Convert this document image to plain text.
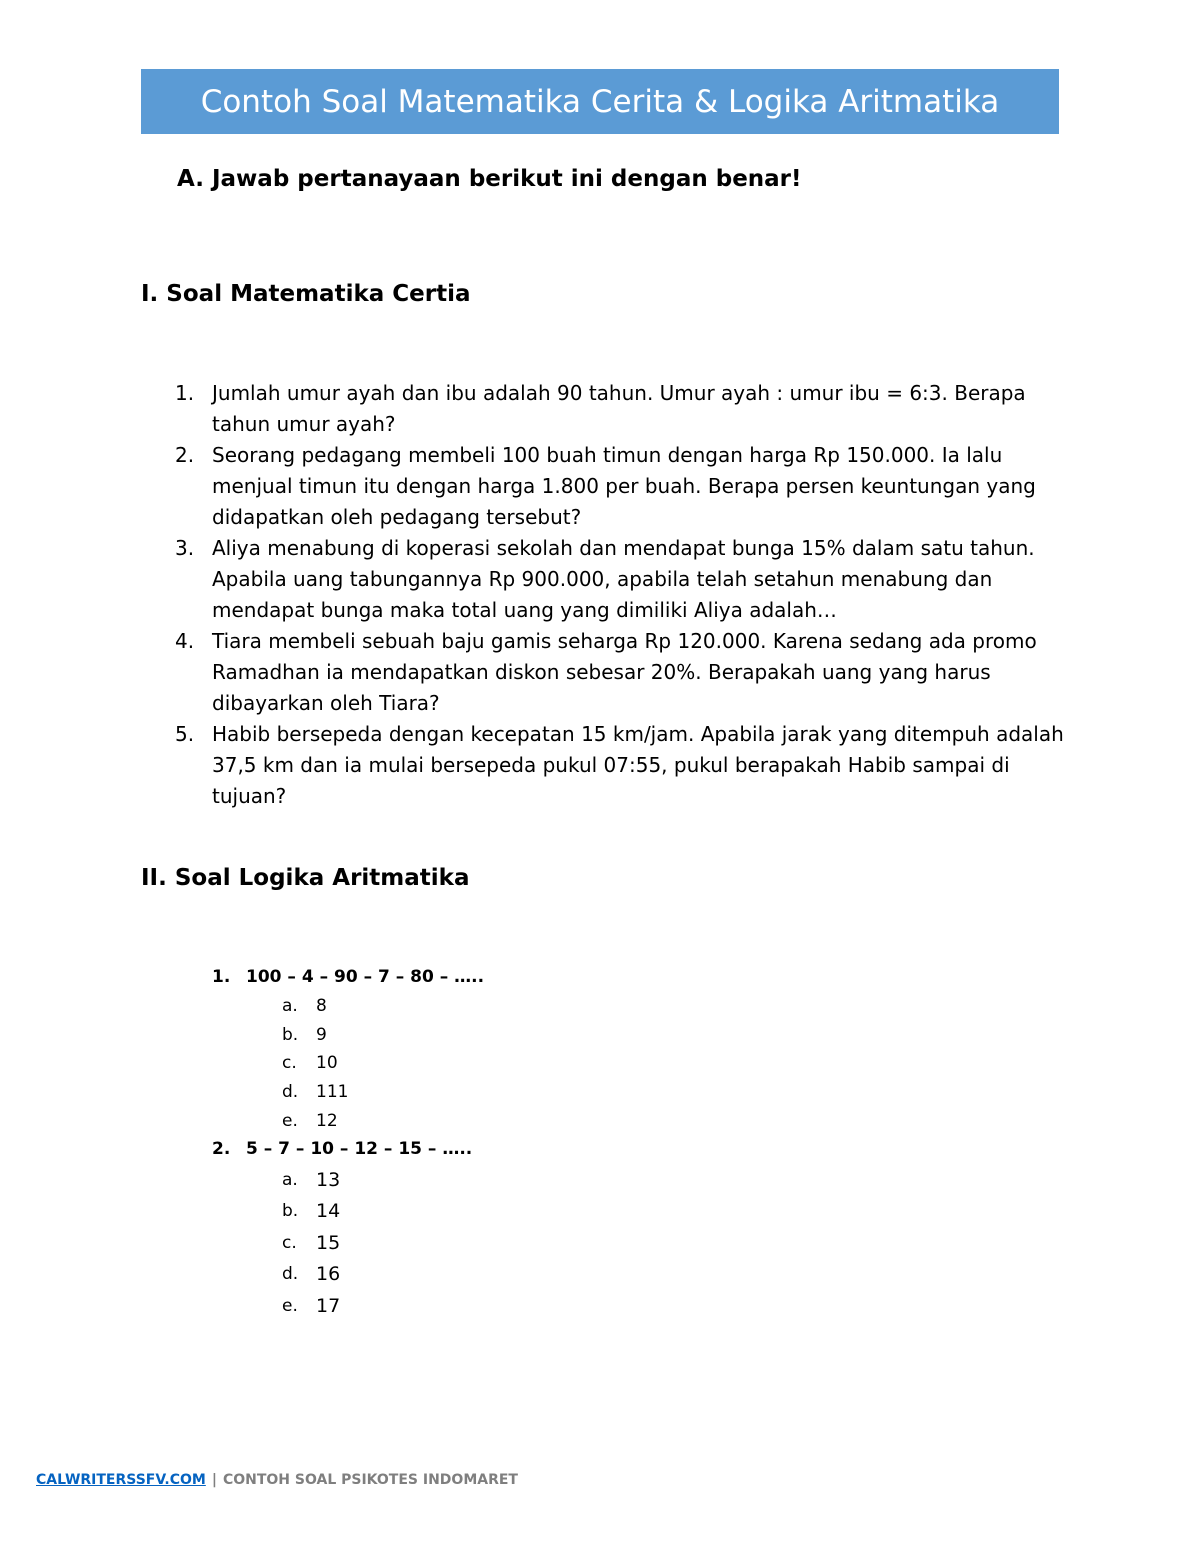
Contoh Soal Matematika Cerita & Logika Aritmatika
A. Jawab pertanayaan berikut ini dengan benar!
I. Soal Matematika Certia
1. Jumlah umur ayah dan ibu adalah 90 tahun. Umur ayah : umur ibu = 6:3. Berapa tahun umur ayah?
2. Seorang pedagang membeli 100 buah timun dengan harga Rp 150.000. Ia lalu menjual timun itu dengan harga 1.800 per buah. Berapa persen keuntungan yang didapatkan oleh pedagang tersebut?
3. Aliya menabung di koperasi sekolah dan mendapat bunga 15% dalam satu tahun. Apabila uang tabungannya Rp 900.000, apabila telah setahun menabung dan mendapat bunga maka total uang yang dimiliki Aliya adalah…
4. Tiara membeli sebuah baju gamis seharga Rp 120.000. Karena sedang ada promo Ramadhan ia mendapatkan diskon sebesar 20%. Berapakah uang yang harus dibayarkan oleh Tiara?
5. Habib bersepeda dengan kecepatan 15 km/jam. Apabila jarak yang ditempuh adalah 37,5 km dan ia mulai bersepeda pukul 07:55, pukul berapakah Habib sampai di tujuan?
II. Soal Logika Aritmatika
1. 100 – 4 – 90 – 7 – 80 – …..
a.	8
b.	9
c.	10
d.	111
e.	12
2. 5 – 7 – 10 – 12 – 15 – …..
a. 13
b. 14
c.	15
d. 16
e. 17
CALWRITERSSFV.COM | CONTOH SOAL PSIKOTES INDOMARET
